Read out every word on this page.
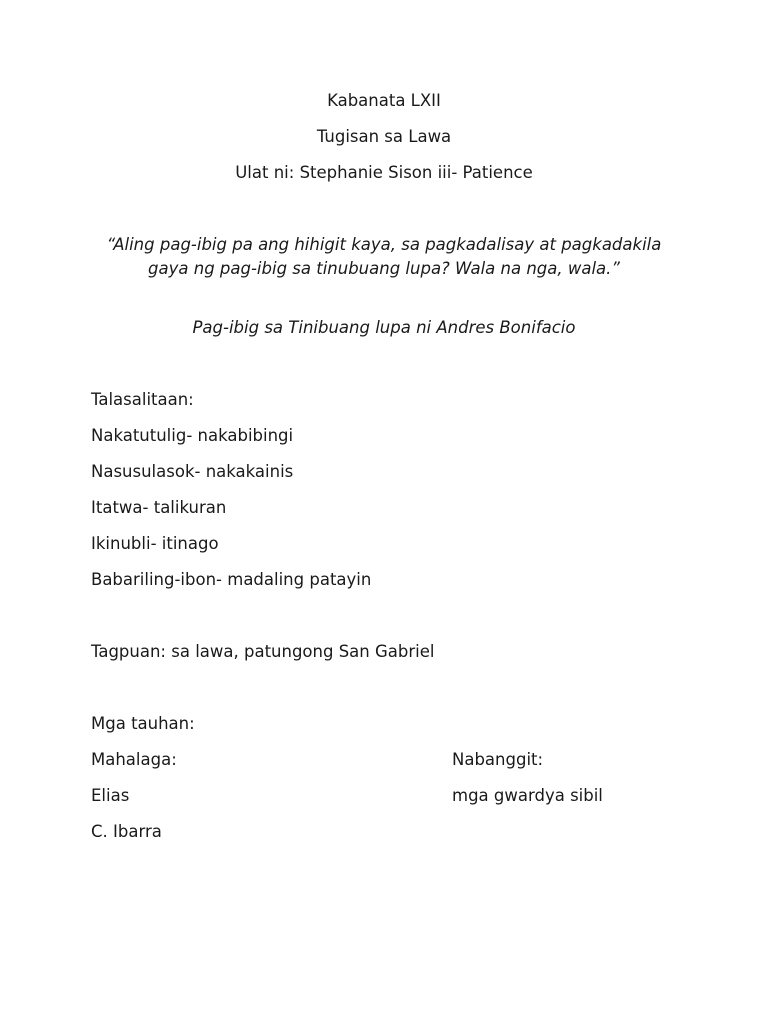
Kabanata LXII
Tugisan sa Lawa
Ulat ni: Stephanie Sison iii- Patience
“Aling pag-ibig pa ang hihigit kaya, sa pagkadalisay at pagkadakila gaya ng pag-ibig sa tinubuang lupa? Wala na nga, wala.”
Pag-ibig sa Tinibuang lupa ni Andres Bonifacio
Talasalitaan:
Nakatutulig- nakabibingi
Nasusulasok- nakakainis
Itatwa- talikuran
Ikinubli- itinago
Babariling-ibon- madaling patayin
Tagpuan: sa lawa, patungong San Gabriel
Mga tauhan:
Mahalaga:	Nabanggit:
Elias	mga gwardya sibil
C. Ibarra
